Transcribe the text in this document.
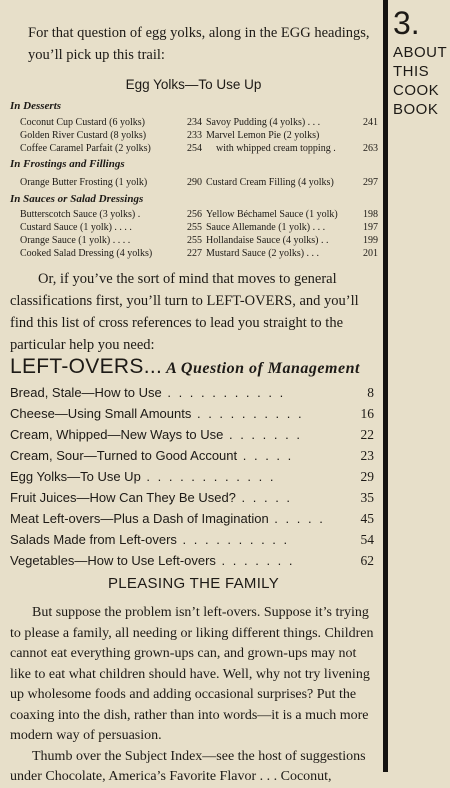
3.
ABOUT
THIS
COOK
BOOK
For that question of egg yolks, along in the EGG headings, you’ll pick up this trail:
Egg Yolks—To Use Up
In Desserts
Coconut Cup Custard (6 yolks)	234 Savoy Pudding (4 yolks) . . .	241
Golden River Custard (8 yolks)	233 Marvel Lemon Pie (2 yolks)
Coffee Caramel Parfait (2 yolks)	254 with whipped cream topping .	263
In Frostings and Fillings
Orange Butter Frosting (1 yolk)	290 Custard Cream Filling (4 yolks)	297
In Sauces or Salad Dressings
Butterscotch Sauce (3 yolks) .	256 Yellow Béchamel Sauce (1 yolk)	198
Custard Sauce (1 yolk) . . . .	255 Sauce Allemande (1 yolk) . . .	197
Orange Sauce (1 yolk) . . . .	255 Hollandaise Sauce (4 yolks) . .	199
Cooked Salad Dressing (4 yolks)	227 Mustard Sauce (2 yolks) . . .	201
Or, if you’ve the sort of mind that moves to general classifications first, you’ll turn to LEFT-OVERS, and you’ll find this list of cross references to lead you straight to the particular help you need:
LEFT-OVERS... A Question of Management
Bread, Stale—How to Use . . . . . . . . . . .	8
Cheese—Using Small Amounts . . . . . . . . . .	16
Cream, Whipped—New Ways to Use . . . . . . .	22
Cream, Sour—Turned to Good Account . . . . .	23
Egg Yolks—To Use Up . . . . . . . . . . . .	29
Fruit Juices—How Can They Be Used? . . . . .	35
Meat Left-overs—Plus a Dash of Imagination . . . . .	45
Salads Made from Left-overs . . . . . . . . . .	54
Vegetables—How to Use Left-overs . . . . . . .	62
PLEASING THE FAMILY

But suppose the problem isn’t left-overs. Suppose it’s trying to please a family, all needing or liking different things. Children cannot eat everything grown-ups can, and grown-ups may not like to eat what children should have. Well, why not try livening up wholesome foods and adding occasional surprises? Put the coaxing into the dish, rather than into words—it is a much more modern way of persuasion.

Thumb over the Subject Index—see the host of suggestions under Chocolate, America’s Favorite Flavor . . . Coconut,
